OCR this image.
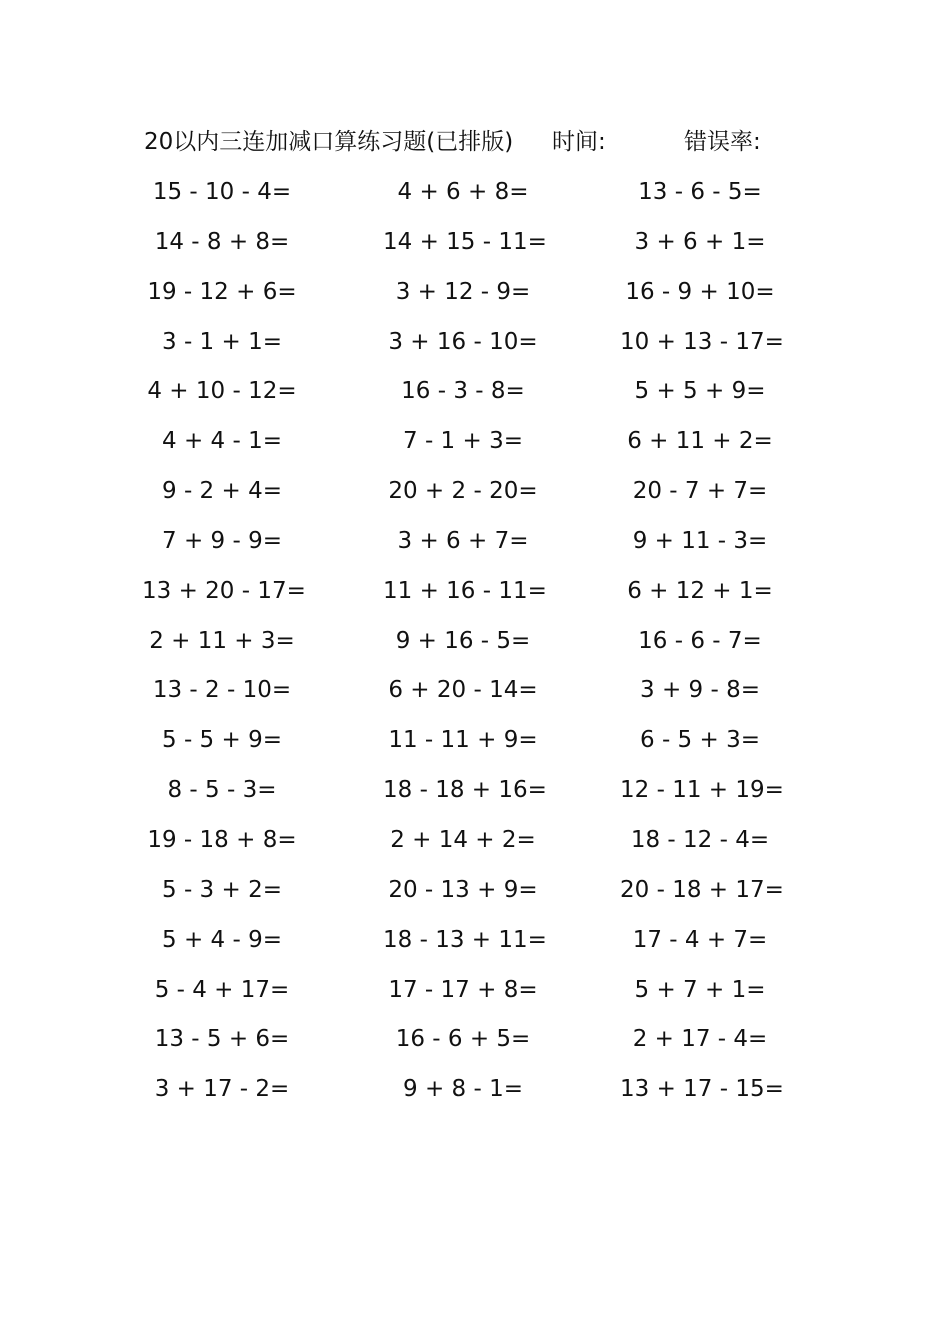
20以内三连加减口算练习题(已排版) 时间:	错误率:
15 - 10 - 4=	4 + 6 + 8=	13 - 6 - 5=
14 - 8 + 8=	14 + 15 - 11=	3 + 6 + 1=
19 - 12 + 6=	3 + 12 - 9=	16 - 9 + 10=
3 - 1 + 1=	3 + 16 - 10=	10 + 13 - 17=
4 + 10 - 12=	16 - 3 - 8=	5 + 5 + 9=
4 + 4 - 1=	7 - 1 + 3=	6 + 11 + 2=
9 - 2 + 4=	20 + 2 - 20=	20 - 7 + 7=
7 + 9 - 9=	3 + 6 + 7=	9 + 11 - 3=
13 + 20 - 17=	11 + 16 - 11=	6 + 12 + 1=
2 + 11 + 3=	9 + 16 - 5=	16 - 6 - 7=
13 - 2 - 10=	6 + 20 - 14=	3 + 9 - 8=
5 - 5 + 9=	11 - 11 + 9=	6 - 5 + 3=
8 - 5 - 3=	18 - 18 + 16=	12 - 11 + 19=
19 - 18 + 8=	2 + 14 + 2=	18 - 12 - 4=
5 - 3 + 2=	20 - 13 + 9=	20 - 18 + 17=
5 + 4 - 9=	18 - 13 + 11=	17 - 4 + 7=
5 - 4 + 17=	17 - 17 + 8=	5 + 7 + 1=
13 - 5 + 6=	16 - 6 + 5=	2 + 17 - 4=
3 + 17 - 2=	9 + 8 - 1=	13 + 17 - 15=
